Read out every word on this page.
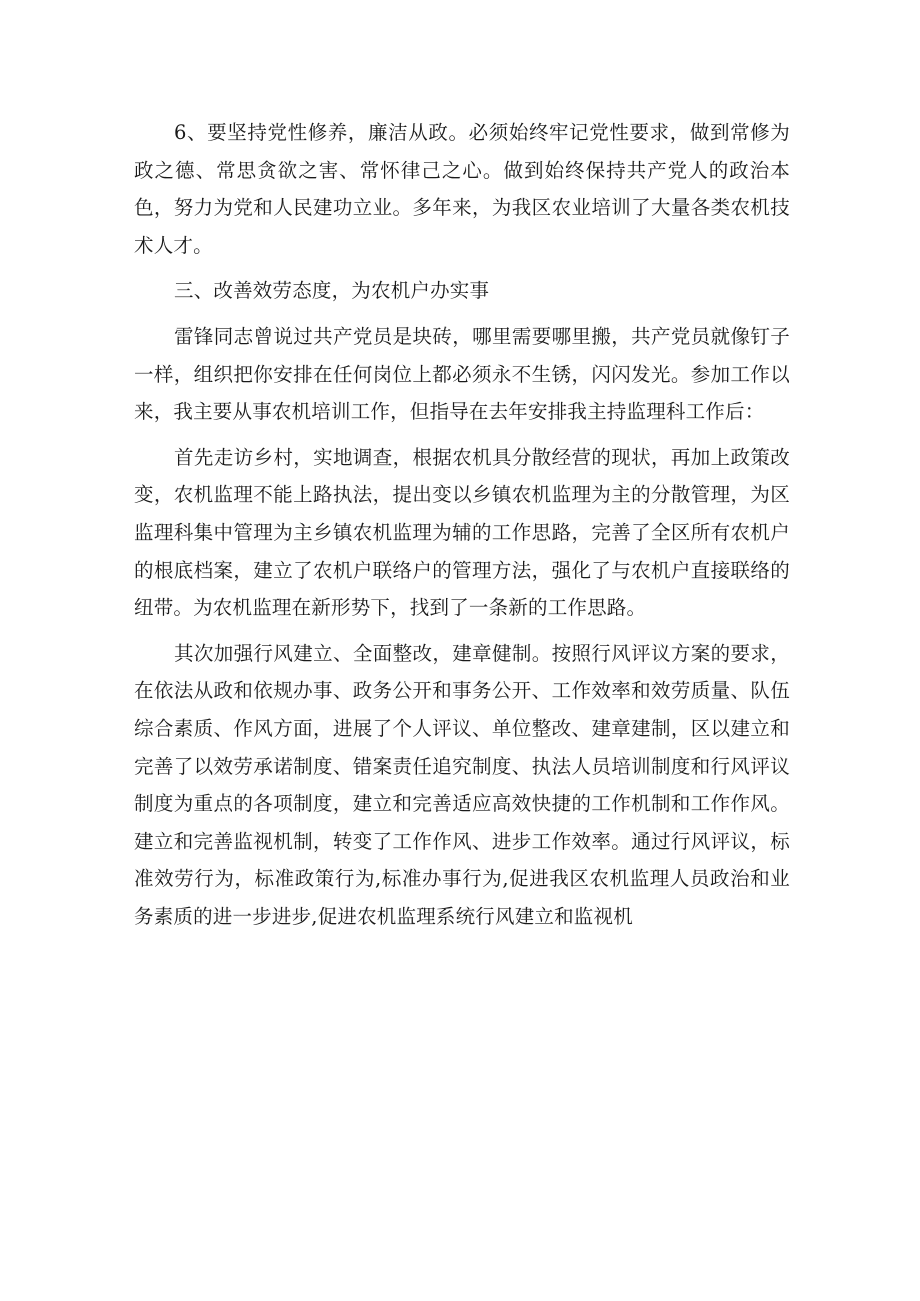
6、要坚持党性修养，廉洁从政。必须始终牢记党性要求，做到常修为政之德、常思贪欲之害、常怀律己之心。做到始终保持共产党人的政治本色，努力为党和人民建功立业。多年来，为我区农业培训了大量各类农机技术人才。

三、改善效劳态度，为农机户办实事

雷锋同志曾说过共产党员是块砖，哪里需要哪里搬，共产党员就像钉子一样，组织把你安排在任何岗位上都必须永不生锈，闪闪发光。参加工作以来，我主要从事农机培训工作，但指导在去年安排我主持监理科工作后：

首先走访乡村，实地调查，根据农机具分散经营的现状，再加上政策改变，农机监理不能上路执法，提出变以乡镇农机监理为主的分散管理，为区监理科集中管理为主乡镇农机监理为辅的工作思路，完善了全区所有农机户的根底档案，建立了农机户联络户的管理方法，强化了与农机户直接联络的纽带。为农机监理在新形势下，找到了一条新的工作思路。

其次加强行风建立、全面整改，建章健制。按照行风评议方案的要求，在依法从政和依规办事、政务公开和事务公开、工作效率和效劳质量、队伍综合素质、作风方面，进展了个人评议、单位整改、建章建制，区以建立和完善了以效劳承诺制度、错案责任追究制度、执法人员培训制度和行风评议制度为重点的各项制度，建立和完善适应高效快捷的工作机制和工作作风。建立和完善监视机制，转变了工作作风、进步工作效率。通过行风评议，标准效劳行为，标准政策行为,标准办事行为,促进我区农机监理人员政治和业务素质的进一步进步,促进农机监理系统行风建立和监视机
